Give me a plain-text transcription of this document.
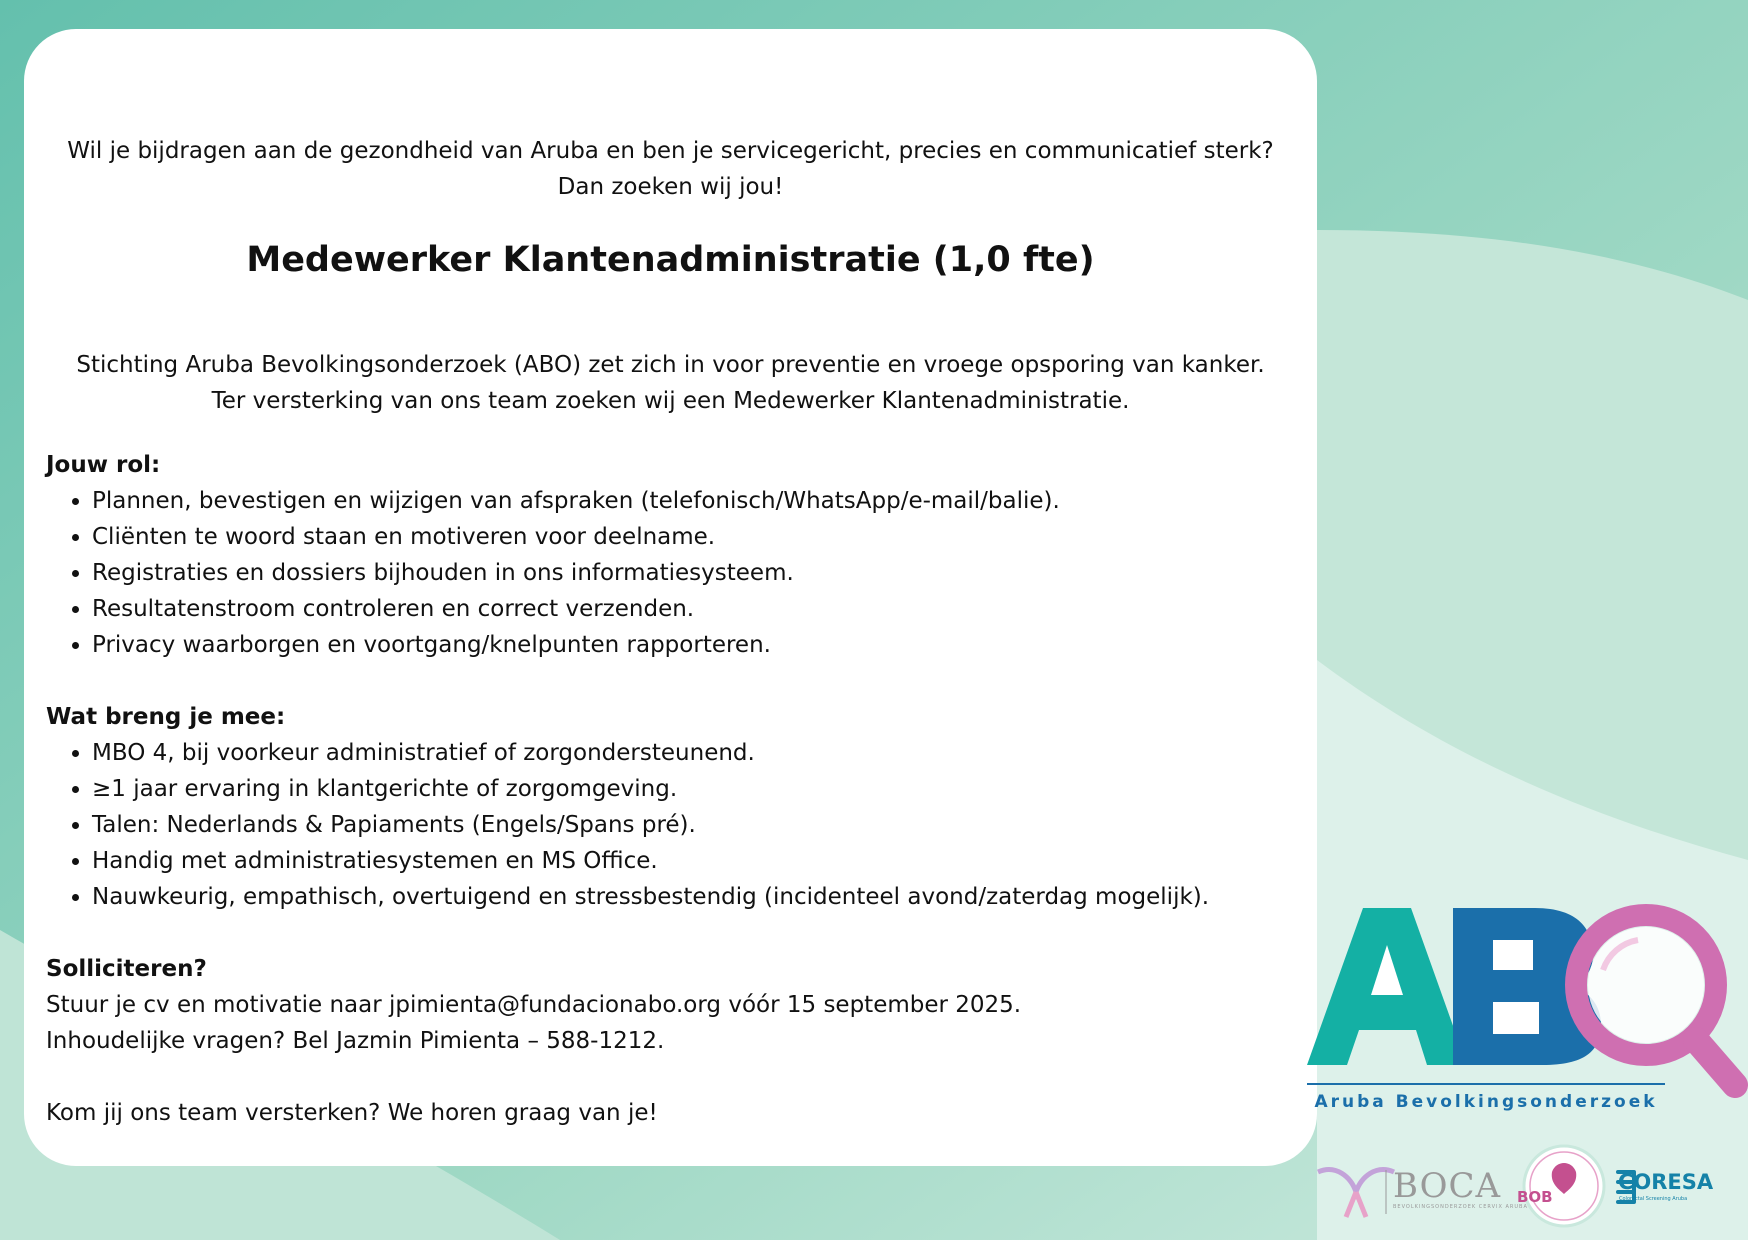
Wil je bijdragen aan de gezondheid van Aruba en ben je servicegericht, precies en communicatief sterk?
Dan zoeken wij jou!
Medewerker Klantenadministratie (1,0 fte)
Stichting Aruba Bevolkingsonderzoek (ABO) zet zich in voor preventie en vroege opsporing van kanker.
Ter versterking van ons team zoeken wij een Medewerker Klantenadministratie.
Jouw rol:
• Plannen, bevestigen en wijzigen van afspraken (telefonisch/WhatsApp/e-mail/balie).
• Cliënten te woord staan en motiveren voor deelname.
• Registraties en dossiers bijhouden in ons informatiesysteem.
• Resultatenstroom controleren en correct verzenden.
• Privacy waarborgen en voortgang/knelpunten rapporteren.
Wat breng je mee:
• MBO 4, bij voorkeur administratief of zorgondersteunend.
• ≥1 jaar ervaring in klantgerichte of zorgomgeving.
• Talen: Nederlands & Papiaments (Engels/Spans pré).
• Handig met administratiesystemen en MS Office.
• Nauwkeurig, empathisch, overtuigend en stressbestendig (incidenteel avond/zaterdag mogelijk).
Solliciteren?

Stuur je cv en motivatie naar jpimienta@fundacionabo.org vóór 15 september 2025.

Inhoudelijke vragen? Bel Jazmin Pimienta – 588-1212.

Kom jij ons team versterken? We horen graag van je!	Aruba Bevolkingsonderzoek
BOCA
BEVOLKINGSONDERZOEK CERVIX ARUBA
BOB
CORESA
Colorectal Screening Aruba
